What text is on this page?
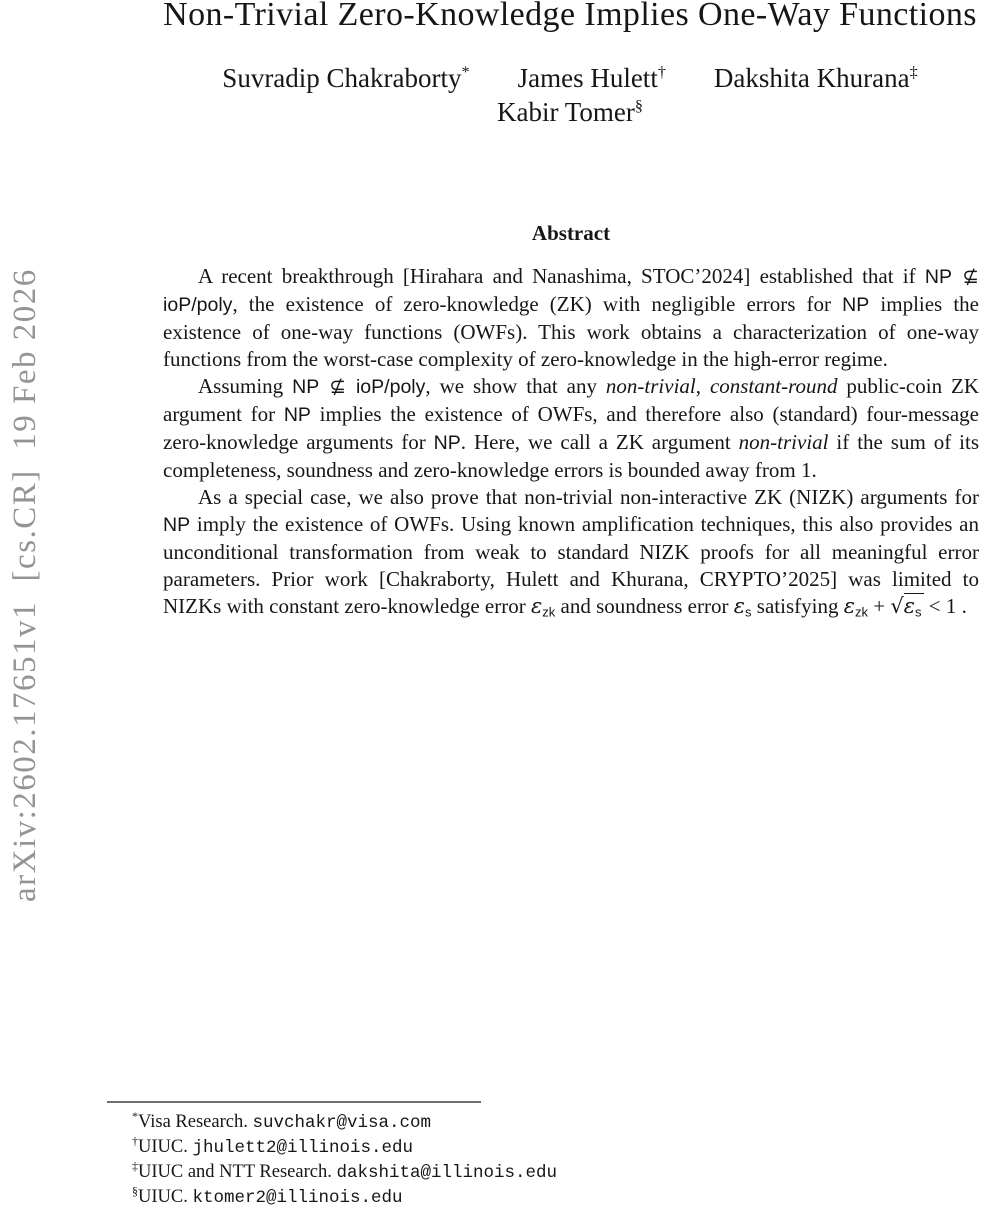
arXiv:2602.17651v1  [cs.CR]  19 Feb 2026
Non-Trivial Zero-Knowledge Implies One-Way Functions
Suvradip Chakraborty* James Hulett† Dakshita Khurana‡
Kabir Tomer§
Abstract

A recent breakthrough [Hirahara and Nanashima, STOC’2024] established that if NP ⊈ ioP/poly, the existence of zero-knowledge (ZK) with negligible errors for NP implies the existence of one-way functions (OWFs). This work obtains a characterization of one-way functions from the worst-case complexity of zero-knowledge in the high-error regime.

Assuming NP ⊈ ioP/poly, we show that any non-trivial, constant-round public-coin ZK argument for NP implies the existence of OWFs, and therefore also (standard) four-message zero-knowledge arguments for NP. Here, we call a ZK argument non-trivial if the sum of its completeness, soundness and zero-knowledge errors is bounded away from 1.

As a special case, we also prove that non-trivial non-interactive ZK (NIZK) arguments for NP imply the existence of OWFs. Using known amplification techniques, this also provides an unconditional transformation from weak to standard NIZK proofs for all meaningful error parameters. Prior work [Chakraborty, Hulett and Khurana, CRYPTO’2025] was limited to NIZKs with constant zero-knowledge error εzk and soundness error εs satisfying εzk + √εs < 1 .

*Visa Research. suvchakr@visa.com
†UIUC. jhulett2@illinois.edu
‡UIUC and NTT Research. dakshita@illinois.edu
§UIUC. ktomer2@illinois.edu
